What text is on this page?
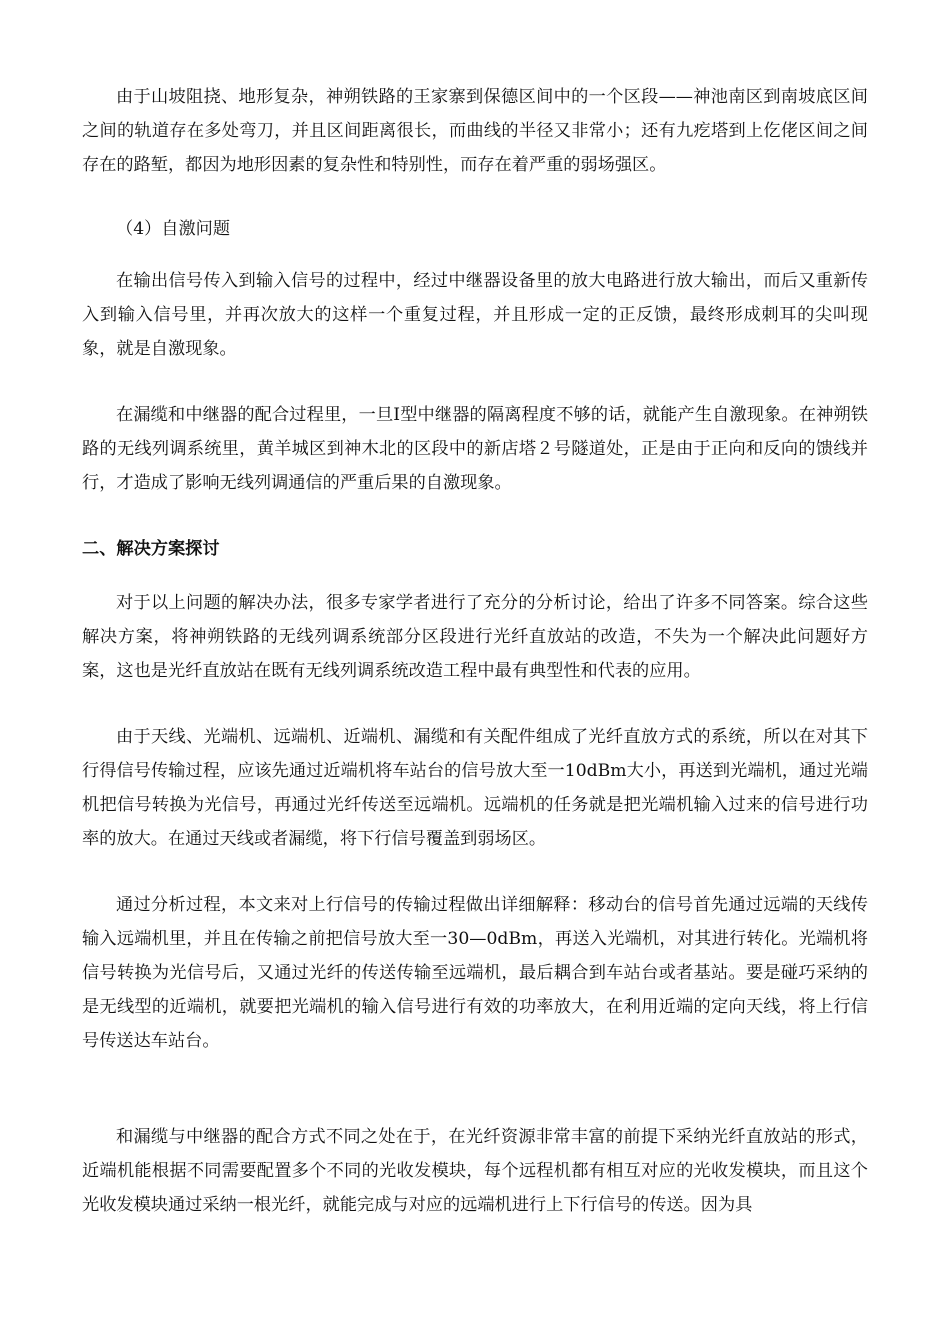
由于山坡阻挠、地形复杂，神朔铁路的王家寨到保德区间中的一个区段——神池南区到南坡底区间之间的轨道存在多处弯刀，并且区间距离很长，而曲线的半径又非常小；还有九疙塔到上仡佬区间之间存在的路堑，都因为地形因素的复杂性和特别性，而存在着严重的弱场强区。

（4）自激问题

在输出信号传入到输入信号的过程中，经过中继器设备里的放大电路进行放大输出，而后又重新传入到输入信号里，并再次放大的这样一个重复过程，并且形成一定的正反馈，最终形成刺耳的尖叫现象，就是自激现象。

在漏缆和中继器的配合过程里，一旦Ⅰ型中继器的隔离程度不够的话，就能产生自激现象。在神朔铁路的无线列调系统里，黄羊城区到神木北的区段中的新店塔２号隧道处，正是由于正向和反向的馈线并行，才造成了影响无线列调通信的严重后果的自激现象。

二、解决方案探讨

对于以上问题的解决办法，很多专家学者进行了充分的分析讨论，给出了许多不同答案。综合这些解决方案，将神朔铁路的无线列调系统部分区段进行光纤直放站的改造，不失为一个解决此问题好方案，这也是光纤直放站在既有无线列调系统改造工程中最有典型性和代表的应用。

由于天线、光端机、远端机、近端机、漏缆和有关配件组成了光纤直放方式的系统，所以在对其下行得信号传输过程，应该先通过近端机将车站台的信号放大至一10dBm大小，再送到光端机，通过光端机把信号转换为光信号，再通过光纤传送至远端机。远端机的任务就是把光端机输入过来的信号进行功率的放大。在通过天线或者漏缆，将下行信号覆盖到弱场区。

通过分析过程，本文来对上行信号的传输过程做出详细解释：移动台的信号首先通过远端的天线传输入远端机里，并且在传输之前把信号放大至一30—0dBm，再送入光端机，对其进行转化。光端机将信号转换为光信号后，又通过光纤的传送传输至远端机，最后耦合到车站台或者基站。要是碰巧采纳的是无线型的近端机，就要把光端机的输入信号进行有效的功率放大，在利用近端的定向天线，将上行信号传送达车站台。

和漏缆与中继器的配合方式不同之处在于，在光纤资源非常丰富的前提下采纳光纤直放站的形式，近端机能根据不同需要配置多个不同的光收发模块，每个远程机都有相互对应的光收发模块，而且这个光收发模块通过采纳一根光纤，就能完成与对应的远端机进行上下行信号的传送。因为具
